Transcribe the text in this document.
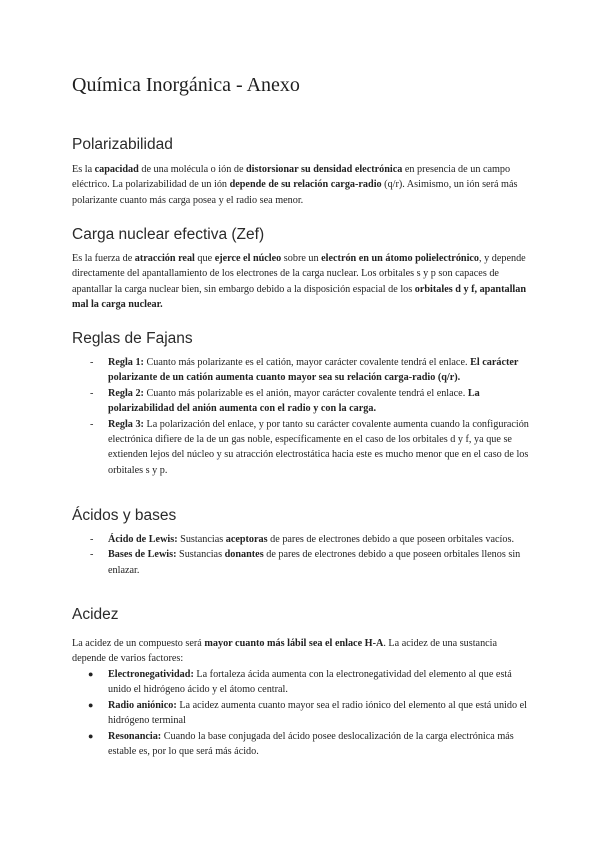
Química Inorgánica - Anexo
Polarizabilidad

Es la capacidad de una molécula o ión de distorsionar su densidad electrónica en presencia de un campo eléctrico. La polarizabilidad de un ión depende de su relación carga-radio (q/r). Asimismo, un ión será más polarizante cuanto más carga posea y el radio sea menor.

Carga nuclear efectiva (Zef)

Es la fuerza de atracción real que ejerce el núcleo sobre un electrón en un átomo polielectrónico, y depende directamente del apantallamiento de los electrones de la carga nuclear. Los orbitales s y p son capaces de apantallar la carga nuclear bien, sin embargo debido a la disposición espacial de los orbitales d y f, apantallan mal la carga nuclear.

Reglas de Fajans
-	Regla 1: Cuanto más polarizante es el catión, mayor carácter covalente tendrá el enlace. El carácter polarizante de un catión aumenta cuanto mayor sea su relación carga-radio (q/r).
-	Regla 2: Cuanto más polarizable es el anión, mayor carácter covalente tendrá el enlace. La polarizabilidad del anión aumenta con el radio y con la carga.
-	Regla 3: La polarización del enlace, y por tanto su carácter covalente aumenta cuando la configuración electrónica difiere de la de un gas noble, específicamente en el caso de los orbitales d y f, ya que se extienden lejos del núcleo y su atracción electrostática hacia este es mucho menor que en el caso de los orbitales s y p.
Ácidos y bases
-	Ácido de Lewis: Sustancias aceptoras de pares de electrones debido a que poseen orbitales vacíos.
-	Bases de Lewis: Sustancias donantes de pares de electrones debido a que poseen orbitales llenos sin enlazar.
Acidez

La acidez de un compuesto será mayor cuanto más lábil sea el enlace H-A. La acidez de una sustancia depende de varios factores:

●	Electronegatividad: La fortaleza ácida aumenta con la electronegatividad del elemento al que está unido el hidrógeno ácido y el átomo central.
●	Radio aniónico: La acidez aumenta cuanto mayor sea el radio iónico del elemento al que está unido el hidrógeno terminal
●	Resonancia: Cuando la base conjugada del ácido posee deslocalización de la carga electrónica más estable es, por lo que será más ácido.
